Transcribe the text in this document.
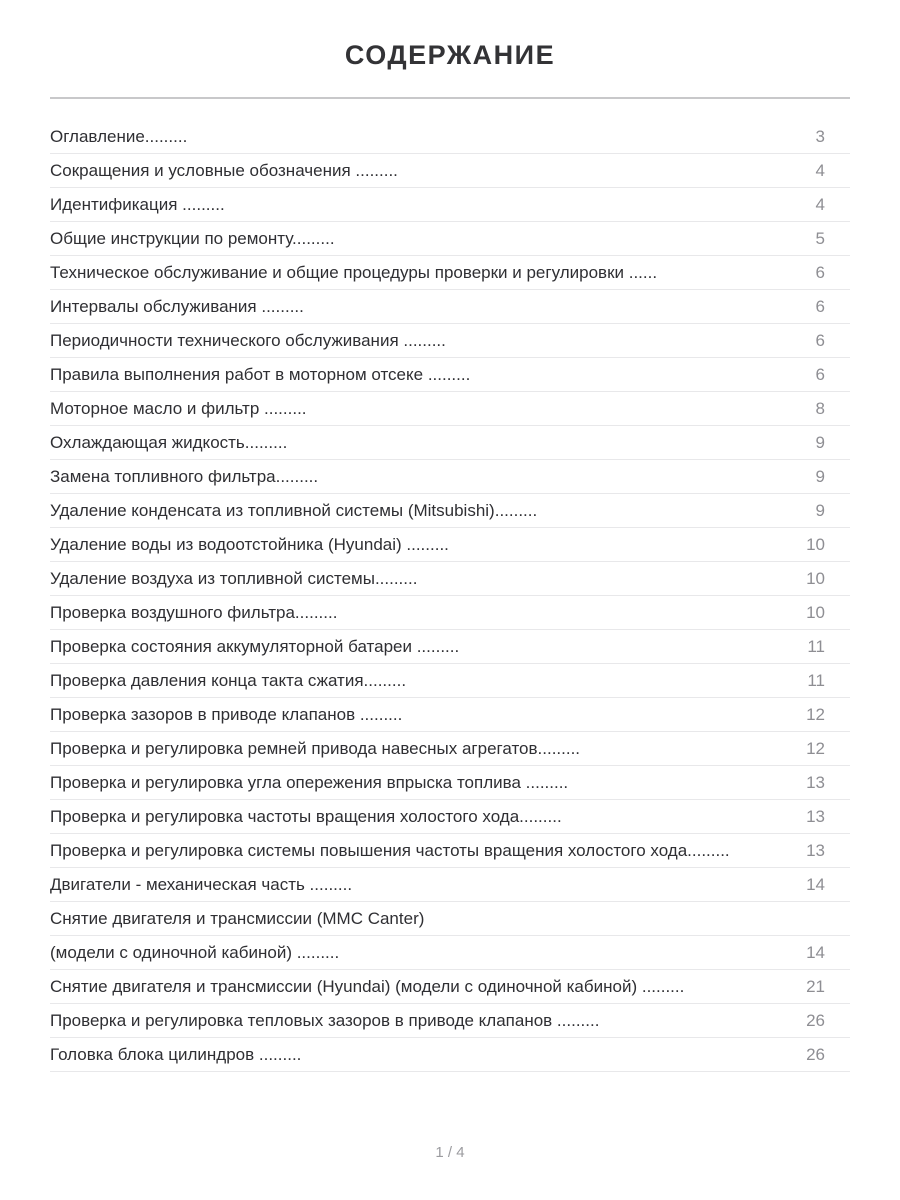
СОДЕРЖАНИЕ
Оглавление.........	3
Сокращения и условные обозначения .........	4
Идентификация .........	4
Общие инструкции по ремонту.........	5
Техническое обслуживание и общие процедуры проверки и регулировки ......	6
Интервалы обслуживания .........	6
Периодичности технического обслуживания .........	6
Правила выполнения работ в моторном отсеке .........	6
Моторное масло и фильтр .........	8
Охлаждающая жидкость.........	9
Замена топливного фильтра.........	9
Удаление конденсата из топливной системы (Mitsubishi).........	9
Удаление воды из водоотстойника (Hyundai) .........	10
Удаление воздуха из топливной системы.........	10
Проверка воздушного фильтра.........	10
Проверка состояния аккумуляторной батареи .........	11
Проверка давления конца такта сжатия.........	11
Проверка зазоров в приводе клапанов .........	12
Проверка и регулировка ремней привода навесных агрегатов.........	12
Проверка и регулировка угла опережения впрыска топлива .........	13
Проверка и регулировка частоты вращения холостого хода.........	13
Проверка и регулировка системы повышения частоты вращения холостого хода.........	13
Двигатели - механическая часть .........	14
Снятие двигателя и трансмиссии (MMC Canter)
(модели с одиночной кабиной) .........	14
Снятие двигателя и трансмиссии (Hyundai) (модели с одиночной кабиной) .........	21
Проверка и регулировка тепловых зазоров в приводе клапанов .........	26
Головка блока цилиндров .........	26
1 / 4
